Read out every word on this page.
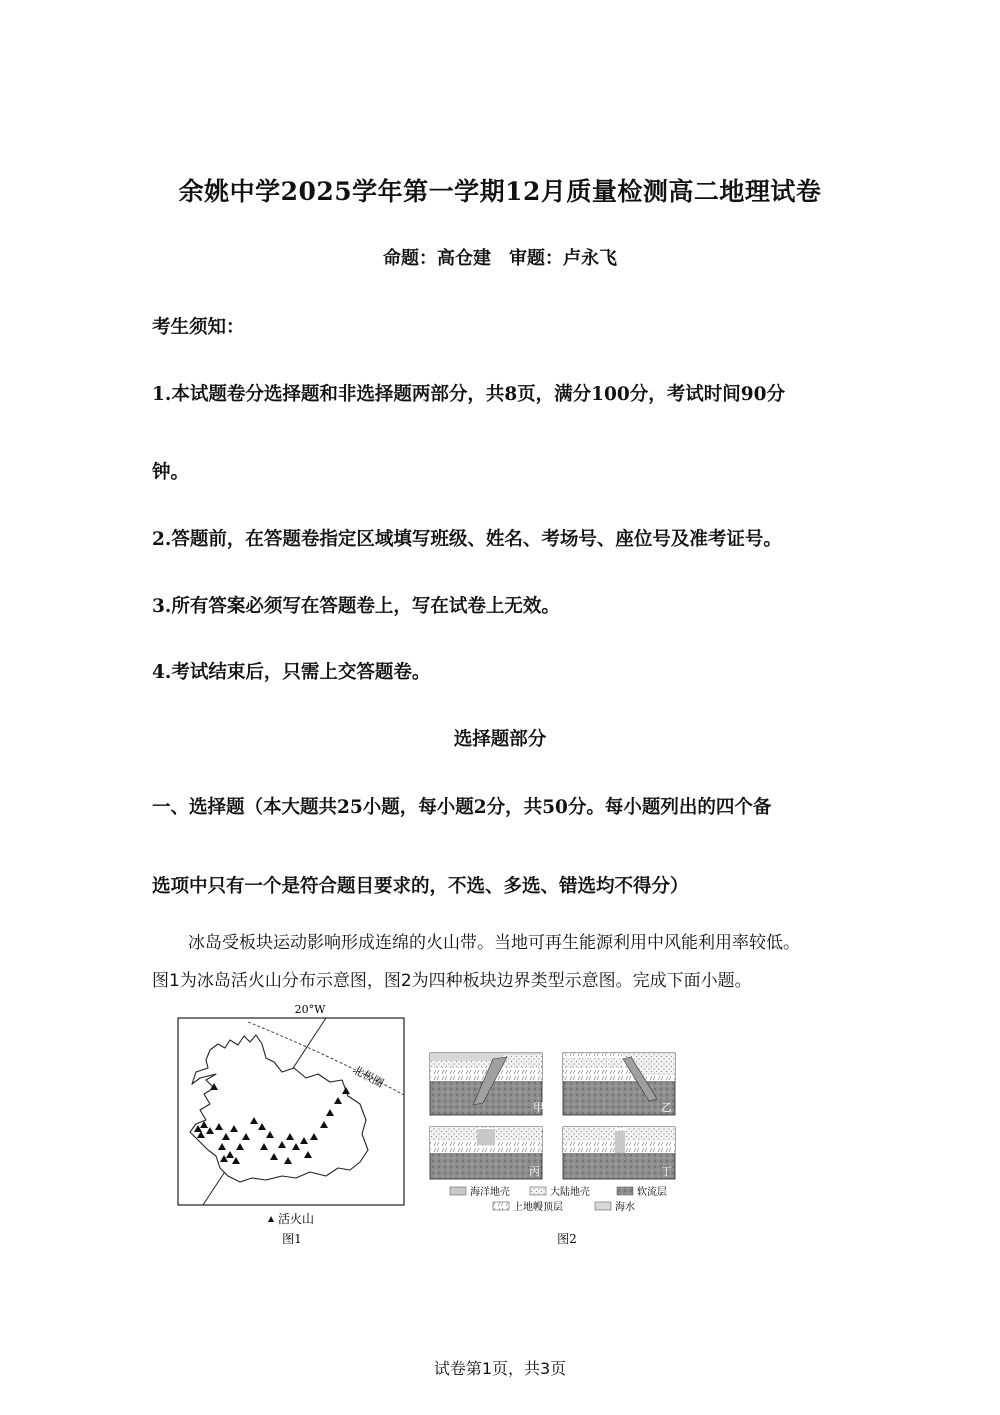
余姚中学2025学年第一学期12月质量检测高二地理试卷
命题：高仓建　审题：卢永飞
考生须知：
1.本试题卷分选择题和非选择题两部分，共8页，满分100分，考试时间90分
钟。
2.答题前，在答题卷指定区域填写班级、姓名、考场号、座位号及准考证号。
3.所有答案必须写在答题卷上，写在试卷上无效。
4.考试结束后，只需上交答题卷。
选择题部分
一、选择题（本大题共25小题，每小题2分，共50分。每小题列出的四个备
选项中只有一个是符合题目要求的，不选、多选、错选均不得分）
冰岛受板块运动影响形成连绵的火山带。当地可再生能源利用中风能利用率较低。
图1为冰岛活火山分布示意图，图2为四种板块边界类型示意图。完成下面小题。
20°W
北极圈
活火山
图1
甲	乙
丙	丁
海洋地壳	大陆地壳	软流层
上地幔顶层	海水
图2
试卷第1页，共3页
